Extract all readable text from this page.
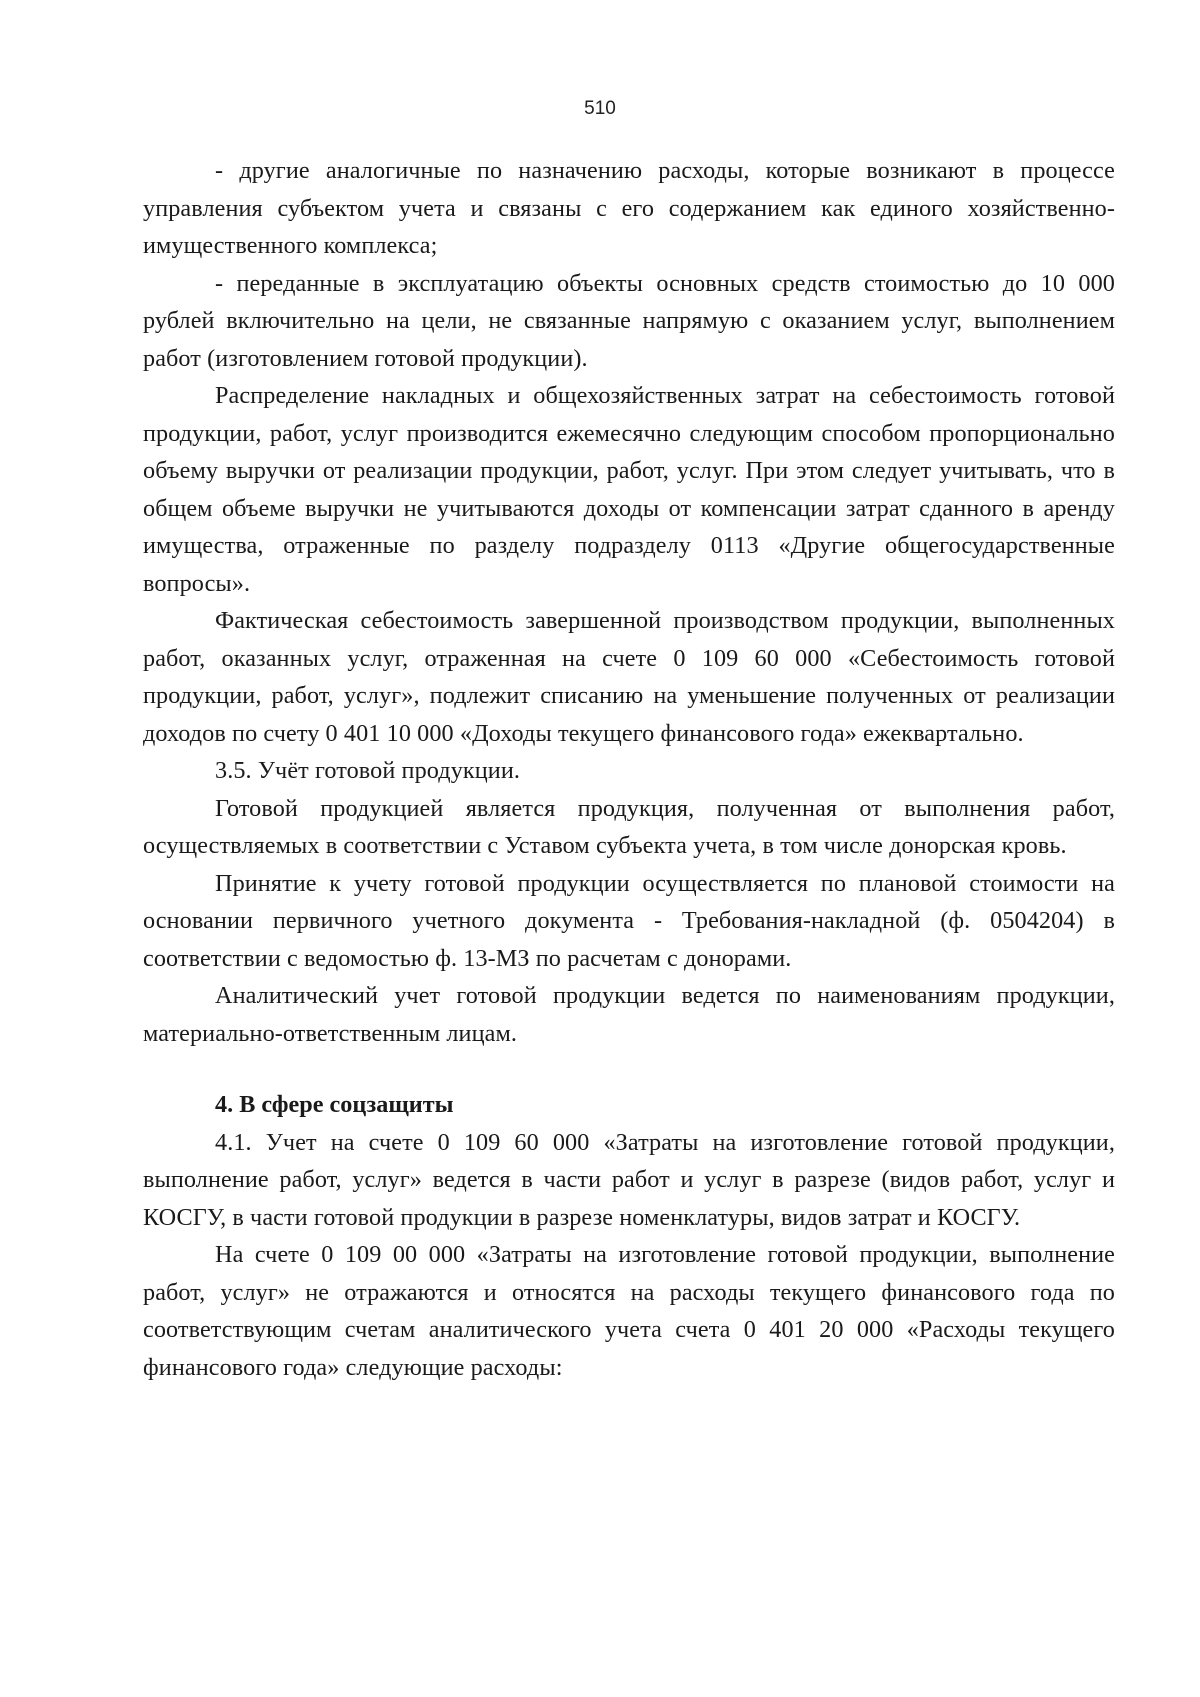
510

- другие аналогичные по назначению расходы, которые возникают в процессе управления субъектом учета и связаны с его содержанием как единого хозяйственно-имущественного комплекса;

- переданные в эксплуатацию объекты основных средств стоимостью до 10 000 рублей включительно на цели, не связанные напрямую с оказанием услуг, выполнением работ (изготовлением готовой продукции).

Распределение накладных и общехозяйственных затрат на себестоимость готовой продукции, работ, услуг производится ежемесячно следующим способом пропорционально объему выручки от реализации продукции, работ, услуг. При этом следует учитывать, что в общем объеме выручки не учитываются доходы от компенсации затрат сданного в аренду имущества, отраженные по разделу подразделу 0113 «Другие общегосударственные вопросы».

Фактическая себестоимость завершенной производством продукции, выполненных работ, оказанных услуг, отраженная на счете 0 109 60 000 «Себестоимость готовой продукции, работ, услуг», подлежит списанию на уменьшение полученных от реализации доходов по счету 0 401 10 000 «Доходы текущего финансового года» ежеквартально.

3.5. Учёт готовой продукции.

Готовой продукцией является продукция, полученная от выполнения работ, осуществляемых в соответствии с Уставом субъекта учета, в том числе донорская кровь.

Принятие к учету готовой продукции осуществляется по плановой стоимости на основании первичного учетного документа - Требования-накладной (ф. 0504204) в соответствии с ведомостью ф. 13-МЗ по расчетам с донорами.

Аналитический учет готовой продукции ведется по наименованиям продукции, материально-ответственным лицам.

4. В сфере соцзащиты

4.1. Учет на счете 0 109 60 000 «Затраты на изготовление готовой продукции, выполнение работ, услуг» ведется в части работ и услуг в разрезе (видов работ, услуг и КОСГУ, в части готовой продукции в разрезе номенклатуры, видов затрат и КОСГУ.

На счете 0 109 00 000 «Затраты на изготовление готовой продукции, выполнение работ, услуг» не отражаются и относятся на расходы текущего финансового года по соответствующим счетам аналитического учета счета 0 401 20 000 «Расходы текущего финансового года» следующие расходы:
